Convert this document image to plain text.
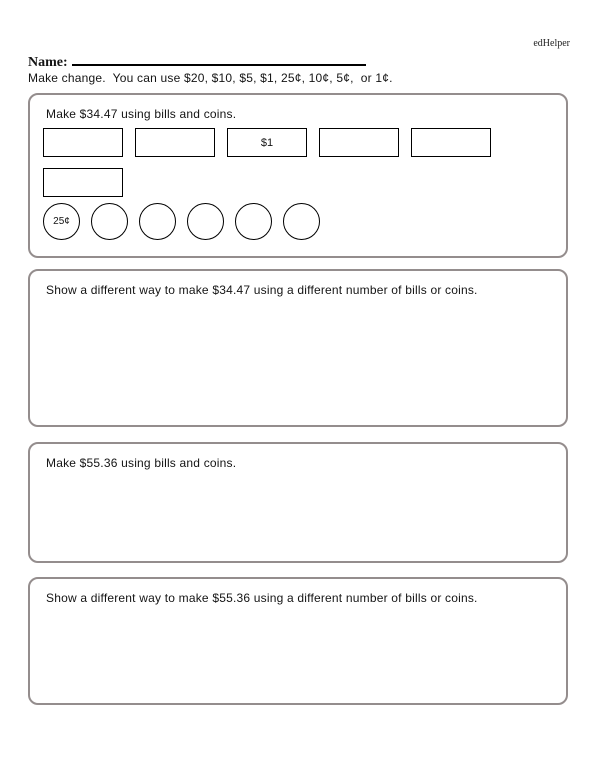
edHelper
Name:
Make change.  You can use $20, $10, $5, $1, 25¢, 10¢, 5¢,  or 1¢.
Make $34.47 using bills and coins.
$1
25¢
Show a different way to make $34.47 using a different number of bills or coins.
Make $55.36 using bills and coins.
Show a different way to make $55.36 using a different number of bills or coins.
